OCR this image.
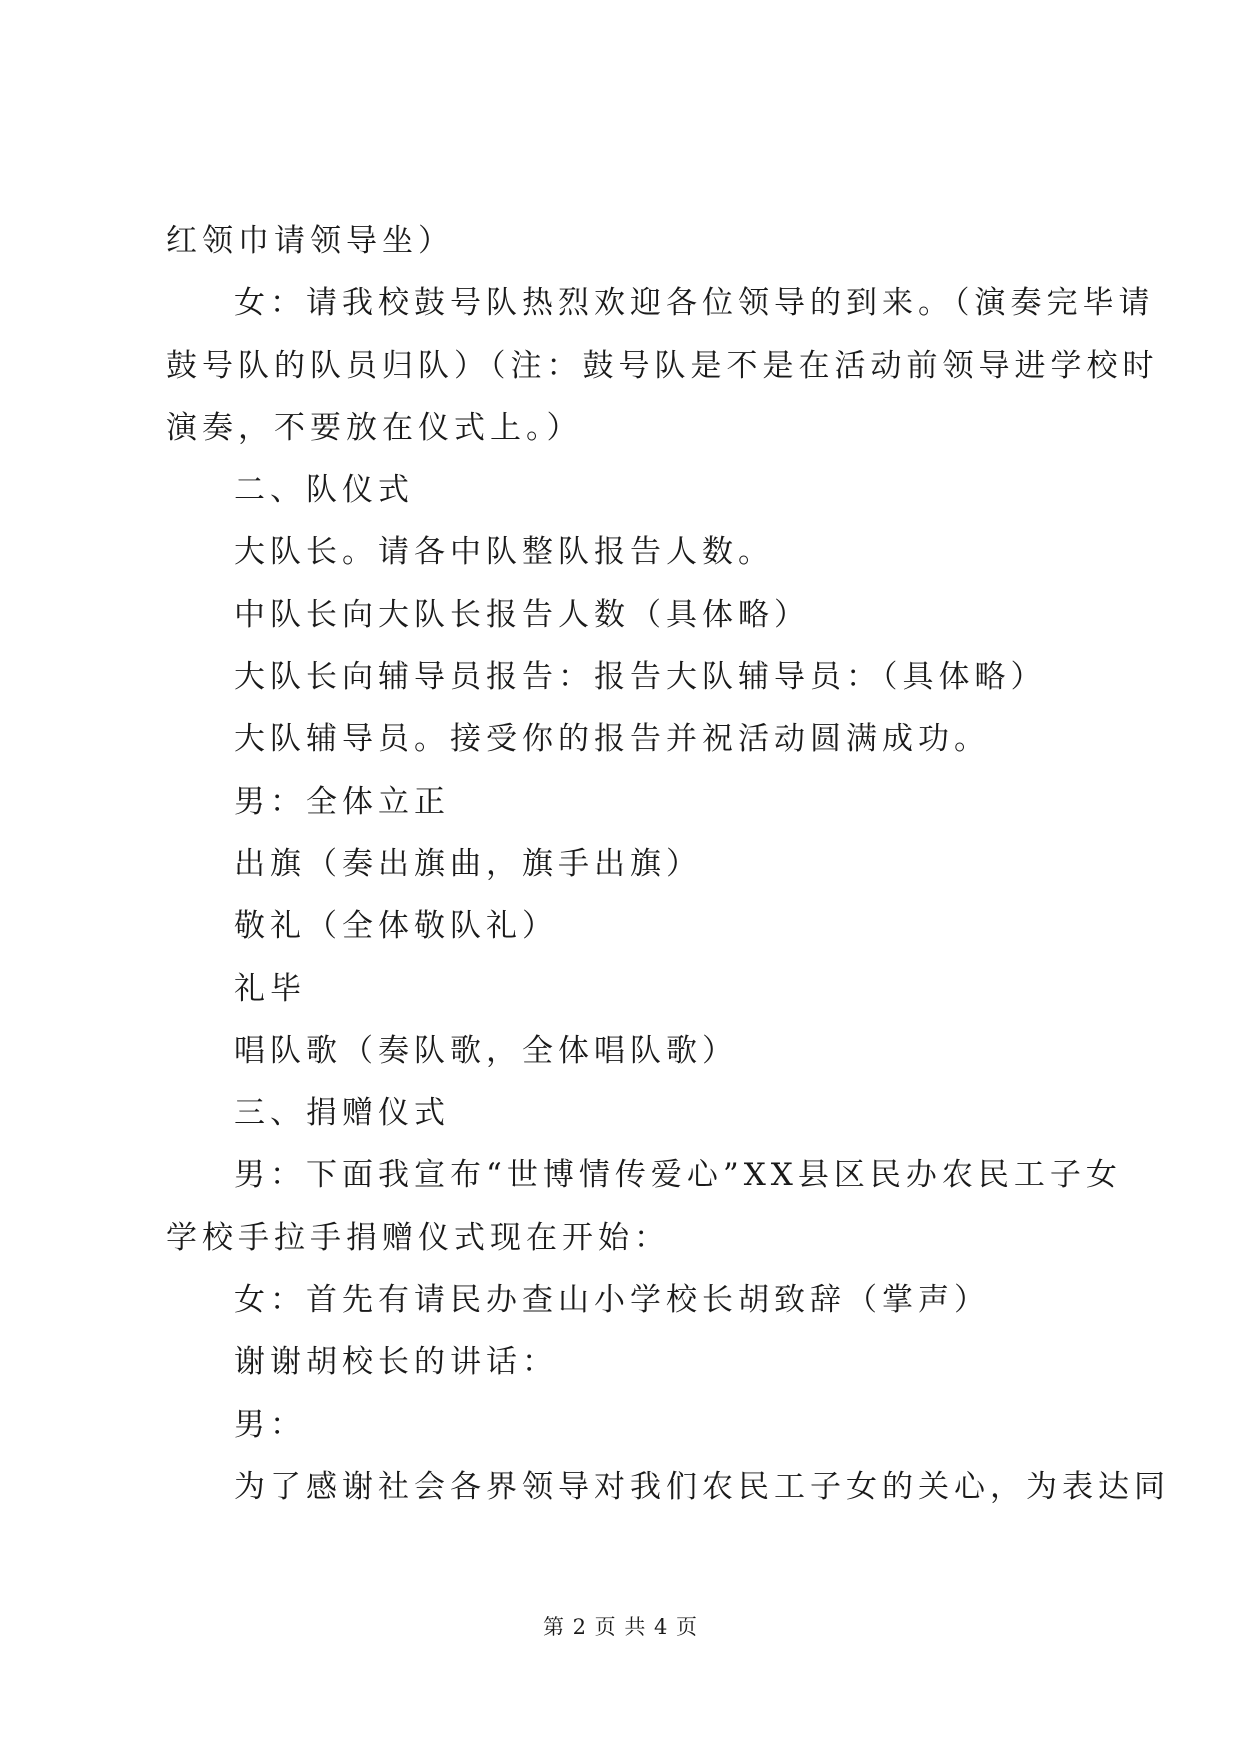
红领巾请领导坐）
女：请我校鼓号队热烈欢迎各位领导的到来。（演奏完毕请
鼓号队的队员归队）（注：鼓号队是不是在活动前领导进学校时
演奏，不要放在仪式上。）
二、队仪式
大队长。请各中队整队报告人数。
中队长向大队长报告人数（具体略）
大队长向辅导员报告：报告大队辅导员：（具体略）
大队辅导员。接受你的报告并祝活动圆满成功。
男：全体立正
出旗（奏出旗曲，旗手出旗）
敬礼（全体敬队礼）
礼毕
唱队歌（奏队歌，全体唱队歌）
三、捐赠仪式
男：下面我宣布“世博情传爱心”XX县区民办农民工子女
学校手拉手捐赠仪式现在开始：
女：首先有请民办查山小学校长胡致辞（掌声）
谢谢胡校长的讲话：
男：
为了感谢社会各界领导对我们农民工子女的关心，为表达同
第 2 页 共 4 页
